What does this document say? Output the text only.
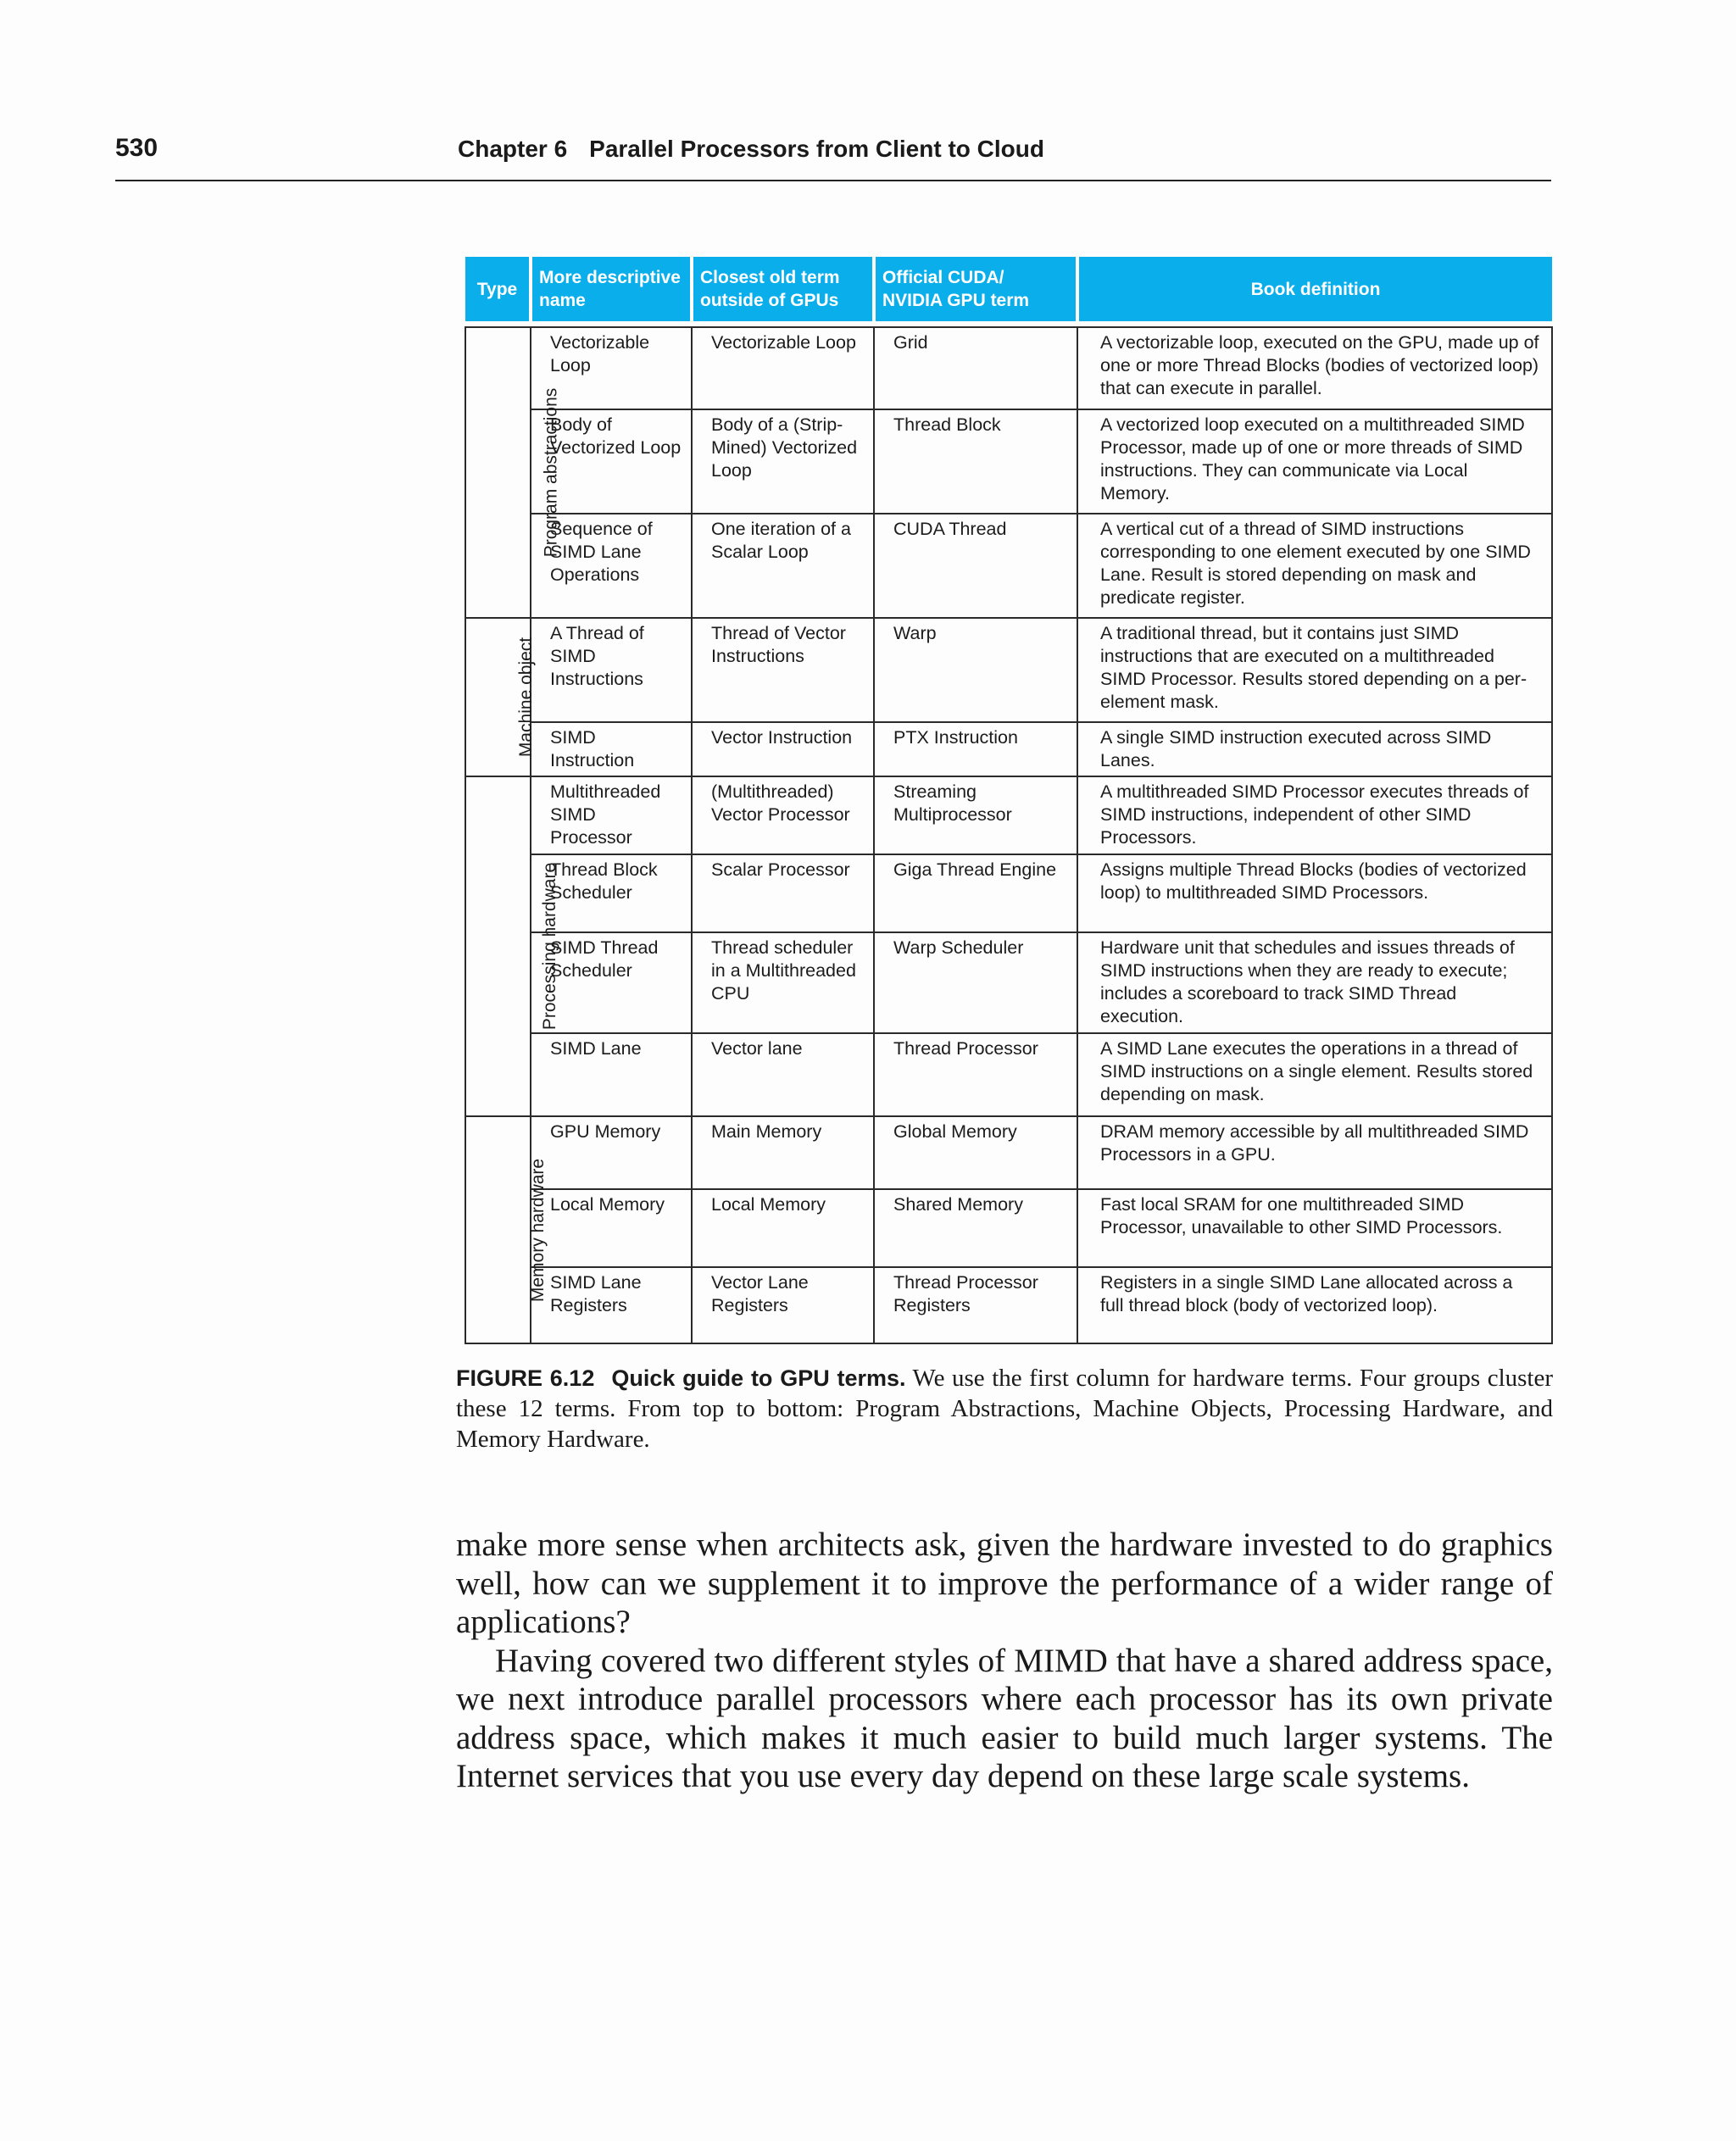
530	Chapter 6 Parallel Processors from Client to Cloud
Type	More descriptive name	Closest old term outside of GPUs	Official CUDA/ NVIDIA GPU term	Book definition

Program abstractions	Vectorizable Loop	Vectorizable Loop	Grid	A vectorizable loop, executed on the GPU, made up of one or more Thread Blocks (bodies of vectorized loop) that can execute in parallel.
	Body of Vectorized Loop	Body of a (Strip-Mined) Vectorized Loop	Thread Block	A vectorized loop executed on a multithreaded SIMD Processor, made up of one or more threads of SIMD instructions. They can communicate via Local Memory.
	Sequence of SIMD Lane Operations	One iteration of a Scalar Loop	CUDA Thread	A vertical cut of a thread of SIMD instructions corresponding to one element executed by one SIMD Lane. Result is stored depending on mask and predicate register.
Machine object	A Thread of SIMD Instructions	Thread of Vector Instructions	Warp	A traditional thread, but it contains just SIMD instructions that are executed on a multithreaded SIMD Processor. Results stored depending on a per-element mask.
	SIMD Instruction	Vector Instruction	PTX Instruction	A single SIMD instruction executed across SIMD Lanes.
Processing hardware	Multithreaded SIMD Processor	(Multithreaded) Vector Processor	Streaming Multiprocessor	A multithreaded SIMD Processor executes threads of SIMD instructions, independent of other SIMD Processors.
	Thread Block Scheduler	Scalar Processor	Giga Thread Engine	Assigns multiple Thread Blocks (bodies of vectorized loop) to multithreaded SIMD Processors.
	SIMD Thread Scheduler	Thread scheduler in a Multithreaded CPU	Warp Scheduler	Hardware unit that schedules and issues threads of SIMD instructions when they are ready to execute; includes a scoreboard to track SIMD Thread execution.
	SIMD Lane	Vector lane	Thread Processor	A SIMD Lane executes the operations in a thread of SIMD instructions on a single element. Results stored depending on mask.
Memory hardware	GPU Memory	Main Memory	Global Memory	DRAM memory accessible by all multithreaded SIMD Processors in a GPU.
	Local Memory	Local Memory	Shared Memory	Fast local SRAM for one multithreaded SIMD Processor, unavailable to other SIMD Processors.
	SIMD Lane Registers	Vector Lane Registers	Thread Processor Registers	Registers in a single SIMD Lane allocated across a full thread block (body of vectorized loop).
FIGURE 6.12 Quick guide to GPU terms. We use the first column for hardware terms. Four groups cluster these 12 terms. From top to bottom: Program Abstractions, Machine Objects, Processing Hardware, and Memory Hardware.

make more sense when architects ask, given the hardware invested to do graphics well, how can we supplement it to improve the performance of a wider range of applications?

Having covered two different styles of MIMD that have a shared address space, we next introduce parallel processors where each processor has its own private address space, which makes it much easier to build much larger systems. The Internet services that you use every day depend on these large scale systems.
